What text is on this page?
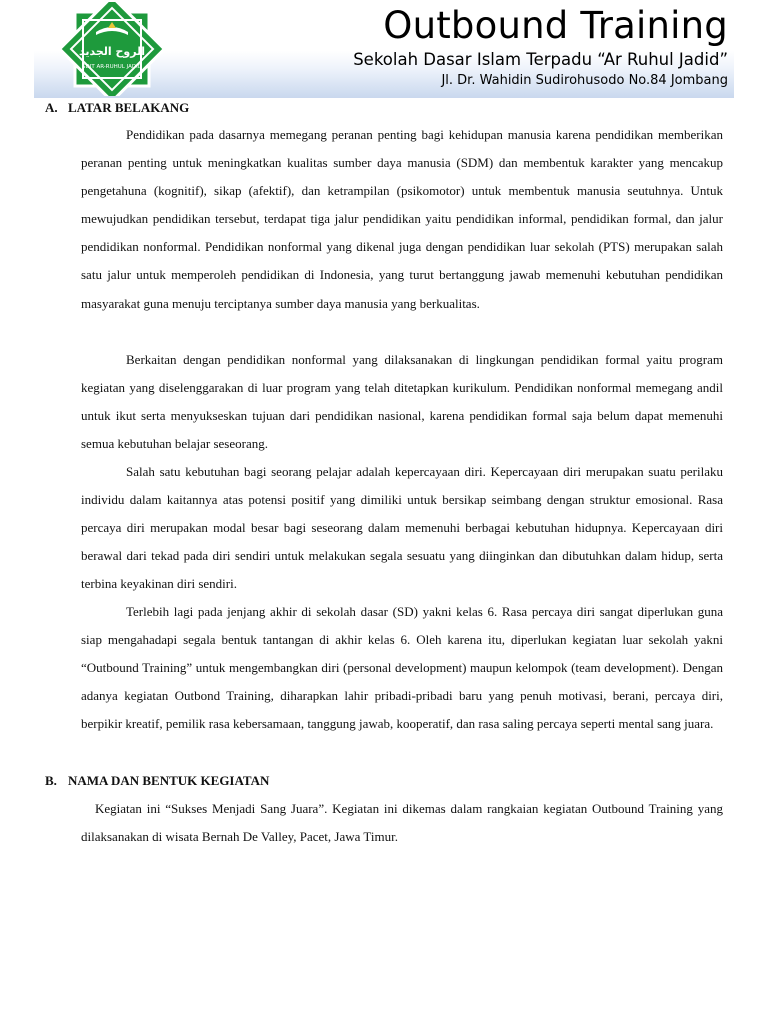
الروح الجديد
SDIT AR-RUHUL JADID
Outbound Training
Sekolah Dasar Islam Terpadu “Ar Ruhul Jadid”
Jl. Dr. Wahidin Sudirohusodo No.84 Jombang
A. LATAR BELAKANG

Pendidikan pada dasarnya memegang peranan penting bagi kehidupan manusia karena pendidikan memberikan peranan penting untuk meningkatkan kualitas sumber daya manusia (SDM) dan membentuk karakter yang mencakup pengetahuna (kognitif), sikap (afektif), dan ketrampilan (psikomotor) untuk membentuk manusia seutuhnya. Untuk mewujudkan pendidikan tersebut, terdapat tiga jalur pendidikan yaitu pendidikan informal, pendidikan formal, dan jalur pendidikan nonformal. Pendidikan nonformal yang dikenal juga dengan pendidikan luar sekolah (PTS) merupakan salah satu jalur untuk memperoleh pendidikan di Indonesia, yang turut bertanggung jawab memenuhi kebutuhan pendidikan masyarakat guna menuju terciptanya sumber daya manusia yang berkualitas.

Berkaitan dengan pendidikan nonformal yang dilaksanakan di lingkungan pendidikan formal yaitu program kegiatan yang diselenggarakan di luar program yang telah ditetapkan kurikulum. Pendidikan nonformal memegang andil untuk ikut serta menyukseskan tujuan dari pendidikan nasional, karena pendidikan formal saja belum dapat memenuhi semua kebutuhan belajar seseorang.

Salah satu kebutuhan bagi seorang pelajar adalah kepercayaan diri. Kepercayaan diri merupakan suatu perilaku individu dalam kaitannya atas potensi positif yang dimiliki untuk bersikap seimbang dengan struktur emosional. Rasa percaya diri merupakan modal besar bagi seseorang dalam memenuhi berbagai kebutuhan hidupnya. Kepercayaan diri berawal dari tekad pada diri sendiri untuk melakukan segala sesuatu yang diinginkan dan dibutuhkan dalam hidup, serta terbina keyakinan diri sendiri.

Terlebih lagi pada jenjang akhir di sekolah dasar (SD) yakni kelas 6. Rasa percaya diri sangat diperlukan guna siap mengahadapi segala bentuk tantangan di akhir kelas 6. Oleh karena itu, diperlukan kegiatan luar sekolah yakni “Outbound Training” untuk mengembangkan diri (personal development) maupun kelompok (team development). Dengan adanya kegiatan Outbond Training, diharapkan lahir pribadi-pribadi baru yang penuh motivasi, berani, percaya diri, berpikir kreatif, pemilik rasa kebersamaan, tanggung jawab, kooperatif, dan rasa saling percaya seperti mental sang juara.

B. NAMA DAN BENTUK KEGIATAN

Kegiatan ini “Sukses Menjadi Sang Juara”. Kegiatan ini dikemas dalam rangkaian kegiatan Outbound Training yang dilaksanakan di wisata Bernah De Valley, Pacet, Jawa Timur.
